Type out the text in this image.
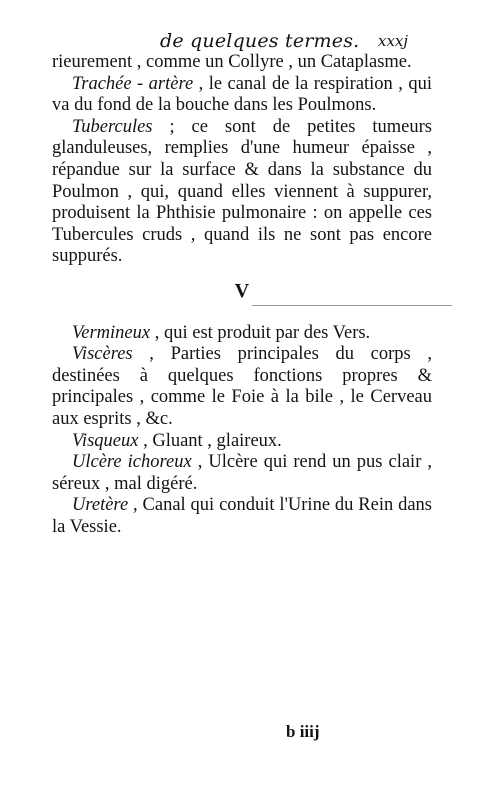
de quelques termes. xxxj

rieurement , comme un Collyre , un Cataplasme.

Trachée - artère , le canal de la respiration , qui va du fond de la bouche dans les Poulmons.

Tubercules ; ce sont de petites tumeurs glanduleuses, remplies d'une humeur épaisse , répandue sur la surface & dans la substance du Poulmon , qui, quand elles viennent à suppurer, produisent la Phthisie pulmonaire : on appelle ces Tubercules cruds , quand ils ne sont pas encore suppurés.

V

Vermineux , qui est produit par des Vers.

Viscères , Parties principales du corps , destinées à quelques fonctions propres & principales , comme le Foie à la bile , le Cerveau aux esprits , &c.

Visqueux , Gluant , glaireux.

Ulcère ichoreux , Ulcère qui rend un pus clair , séreux , mal digéré.

Uretère , Canal qui conduit l'Urine du Rein dans la Vessie.

b iiij
